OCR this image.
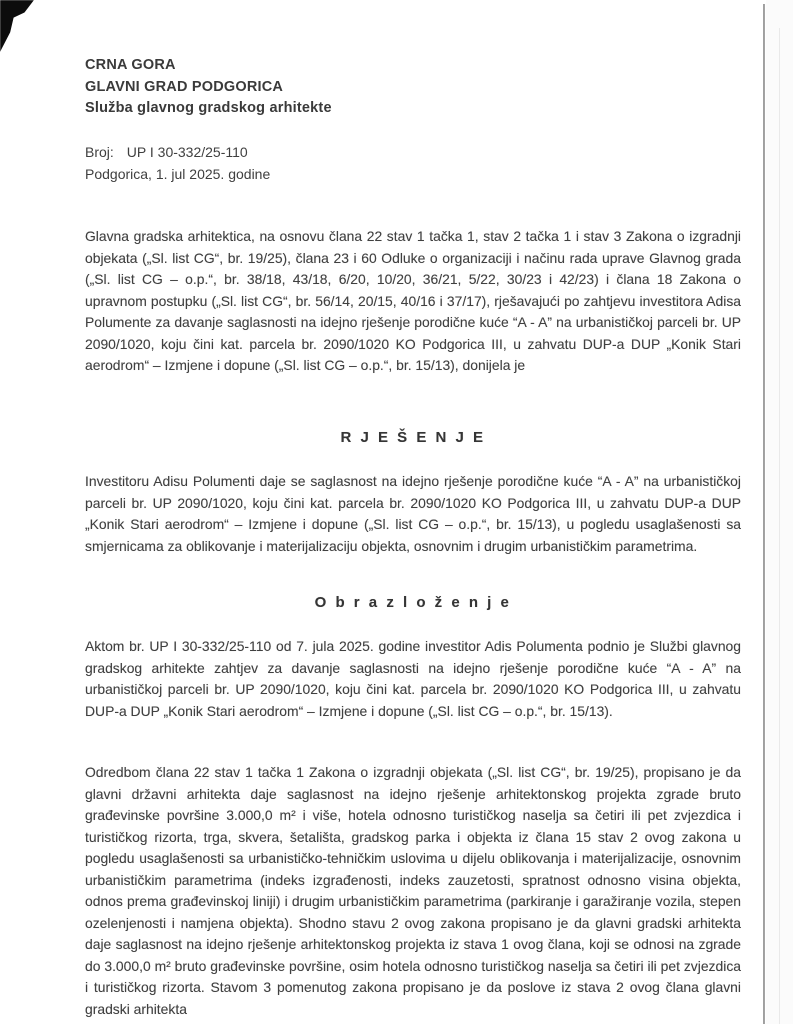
CRNA GORA
GLAVNI GRAD PODGORICA
Služba glavnog gradskog arhitekte
Broj: UP I 30-332/25-110
Podgorica, 1. jul 2025. godine

Glavna gradska arhitektica, na osnovu člana 22 stav 1 tačka 1, stav 2 tačka 1 i stav 3 Zakona o izgradnji objekata („Sl. list CG“, br. 19/25), člana 23 i 60 Odluke o organizaciji i načinu rada uprave Glavnog grada („Sl. list CG – o.p.“, br. 38/18, 43/18, 6/20, 10/20, 36/21, 5/22, 30/23 i 42/23) i člana 18 Zakona o upravnom postupku („Sl. list CG“, br. 56/14, 20/15, 40/16 i 37/17), rješavajući po zahtjevu investitora Adisa Polumente za davanje saglasnosti na idejno rješenje porodične kuće “A - A” na urbanističkoj parceli br. UP 2090/1020, koju čini kat. parcela br. 2090/1020 KO Podgorica III, u zahvatu DUP-a DUP „Konik Stari aerodrom“ – Izmjene i dopune („Sl. list CG – o.p.“, br. 15/13), donijela je

R J E Š E N J E

Investitoru Adisu Polumenti daje se saglasnost na idejno rješenje porodične kuće “A - A” na urbanističkoj parceli br. UP 2090/1020, koju čini kat. parcela br. 2090/1020 KO Podgorica III, u zahvatu DUP-a DUP „Konik Stari aerodrom“ – Izmjene i dopune („Sl. list CG – o.p.“, br. 15/13), u pogledu usaglašenosti sa smjernicama za oblikovanje i materijalizaciju objekta, osnovnim i drugim urbanističkim parametrima.

O b r a z l o ž e n j e

Aktom br. UP I 30-332/25-110 od 7. jula 2025. godine investitor Adis Polumenta podnio je Službi glavnog gradskog arhitekte zahtjev za davanje saglasnosti na idejno rješenje porodične kuće “A - A” na urbanističkoj parceli br. UP 2090/1020, koju čini kat. parcela br. 2090/1020 KO Podgorica III, u zahvatu DUP-a DUP „Konik Stari aerodrom“ – Izmjene i dopune („Sl. list CG – o.p.“, br. 15/13).

Odredbom člana 22 stav 1 tačka 1 Zakona o izgradnji objekata („Sl. list CG“, br. 19/25), propisano je da glavni državni arhitekta daje saglasnost na idejno rješenje arhitektonskog projekta zgrade bruto građevinske površine 3.000,0 m² i više, hotela odnosno turističkog naselja sa četiri ili pet zvjezdica i turističkog rizorta, trga, skvera, šetališta, gradskog parka i objekta iz člana 15 stav 2 ovog zakona u pogledu usaglašenosti sa urbanističko-tehničkim uslovima u dijelu oblikovanja i materijalizacije, osnovnim urbanističkim parametrima (indeks izgrađenosti, indeks zauzetosti, spratnost odnosno visina objekta, odnos prema građevinskoj liniji) i drugim urbanističkim parametrima (parkiranje i garažiranje vozila, stepen ozelenjenosti i namjena objekta). Shodno stavu 2 ovog zakona propisano je da glavni gradski arhitekta daje saglasnost na idejno rješenje arhitektonskog projekta iz stava 1 ovog člana, koji se odnosi na zgrade do 3.000,0 m² bruto građevinske površine, osim hotela odnosno turističkog naselja sa četiri ili pet zvjezdica i turističkog rizorta. Stavom 3 pomenutog zakona propisano je da poslove iz stava 2 ovog člana glavni gradski arhitekta
